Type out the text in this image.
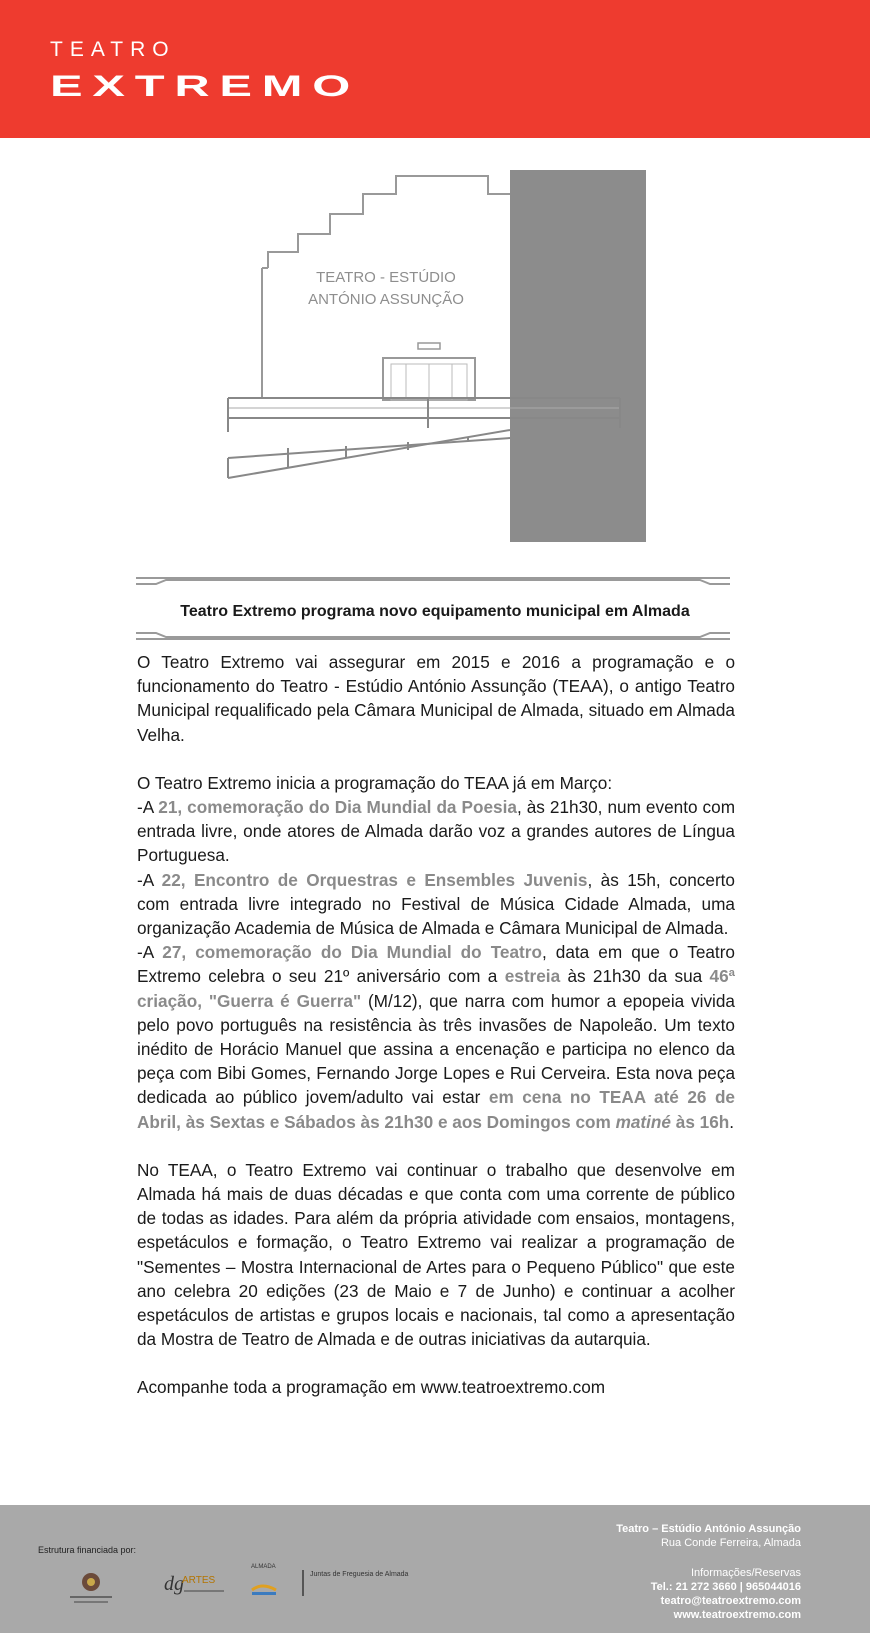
TEATRO
EXTREMO
TEATRO - ESTÚDIO
ANTÓNIO ASSUNÇÃO
Teatro Extremo programa novo equipamento municipal em Almada

O Teatro Extremo vai assegurar em 2015 e 2016 a programação e o funcionamento do Teatro - Estúdio António Assunção (TEAA), o antigo Teatro Municipal requalificado pela Câmara Municipal de Almada, situado em Almada Velha.

O Teatro Extremo inicia a programação do TEAA já em Março:
-A 21, comemoração do Dia Mundial da Poesia, às 21h30, num evento com entrada livre, onde atores de Almada darão voz a grandes autores de Língua Portuguesa.
-A 22, Encontro de Orquestras e Ensembles Juvenis, às 15h, concerto com entrada livre integrado no Festival de Música Cidade Almada, uma organização Academia de Música de Almada e Câmara Municipal de Almada.
-A 27, comemoração do Dia Mundial do Teatro, data em que o Teatro Extremo celebra o seu 21º aniversário com a estreia às 21h30 da sua 46ª criação, "Guerra é Guerra" (M/12), que narra com humor a epopeia vivida pelo povo português na resistência às três invasões de Napoleão. Um texto inédito de Horácio Manuel que assina a encenação e participa no elenco da peça com Bibi Gomes, Fernando Jorge Lopes e Rui Cerveira. Esta nova peça dedicada ao público jovem/adulto vai estar em cena no TEAA até 26 de Abril, às Sextas e Sábados às 21h30 e aos Domingos com matiné às 16h.

No TEAA, o Teatro Extremo vai continuar o trabalho que desenvolve em Almada há mais de duas décadas e que conta com uma corrente de público de todas as idades. Para além da própria atividade com ensaios, montagens, espetáculos e formação, o Teatro Extremo vai realizar a programação de "Sementes – Mostra Internacional de Artes para o Pequeno Público" que este ano celebra 20 edições (23 de Maio e 7 de Junho) e continuar a acolher espetáculos de artistas e grupos locais e nacionais, tal como a apresentação da Mostra de Teatro de Almada e de outras iniciativas da autarquia.

Acompanhe toda a programação em www.teatroextremo.com

Estrutura financiada por:
dg
ARTES
ALMADA
Juntas de Freguesia de Almada
Teatro – Estúdio António Assunção
Rua Conde Ferreira, Almada
Informações/Reservas
Tel.: 21 272 3660 | 965044016
teatro@teatroextremo.com
www.teatroextremo.com
